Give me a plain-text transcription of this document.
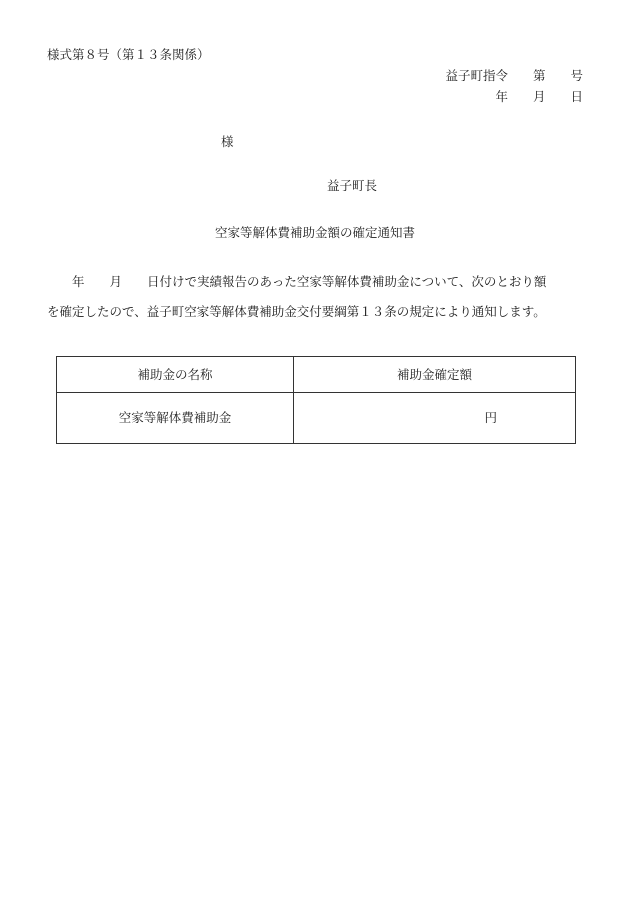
様式第８号（第１３条関係）
益子町指令　　第　　号
年　　月　　日
様
益子町長
空家等解体費補助金額の確定通知書
　　年　　月　　日付けで実績報告のあった空家等解体費補助金について、次のとおり額
を確定したので、益子町空家等解体費補助金交付要綱第１３条の規定により通知します。
補助金の名称	補助金確定額
空家等解体費補助金	円
